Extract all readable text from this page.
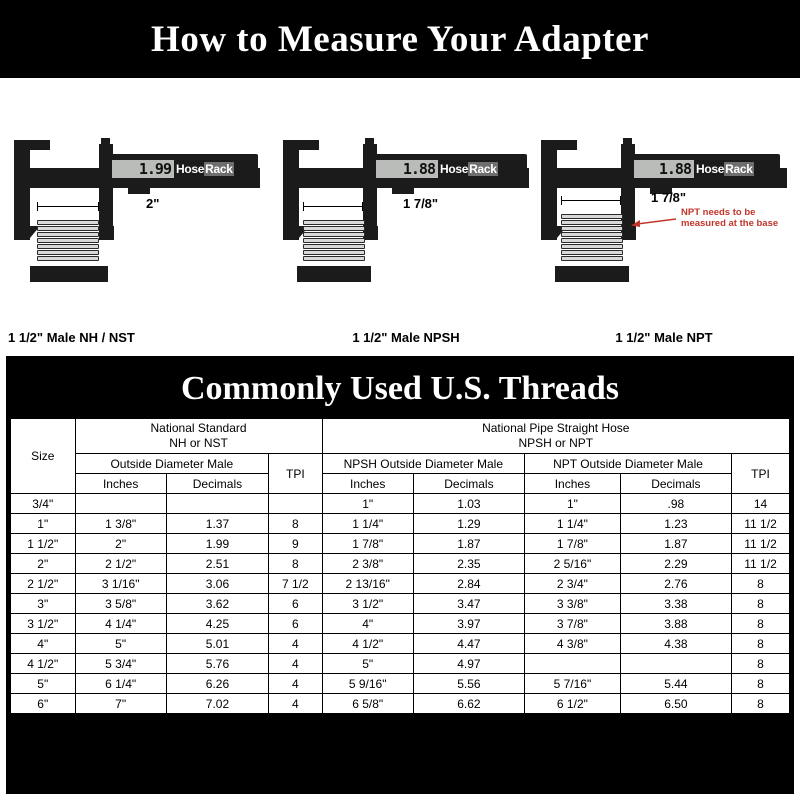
How to Measure Your Adapter
1.99 Hose Rack
2"
1 1/2" Male NH / NST
1.88 Hose Rack
1 7/8"
1 1/2" Male NPSH
1.88 Hose Rack
1 7/8"
NPT needs to be measured at the base
1 1/2" Male NPT
Commonly Used U.S. Threads
Size	
National Standard
NH or NST

National Pipe Straight Hose
NPSH or NPT

	Outside Diameter Male		TPI	NPSH Outside Diameter Male		NPT Outside Diameter Male		TPI
	Inches	Decimals		Inches	Decimals	Inches	Decimals	
3/4"				1"	1.03	1"	.98	14
1"	1 3/8"	1.37	8	1 1/4"	1.29	1 1/4"	1.23	11 1/2
1 1/2"	2"	1.99	9	1 7/8"	1.87	1 7/8"	1.87	11 1/2
2"	2 1/2"	2.51	8	2 3/8"	2.35	2 5/16"	2.29	11 1/2
2 1/2"	3 1/16"	3.06	7 1/2	2 13/16"	2.84	2 3/4"	2.76	8
3"	3 5/8"	3.62	6	3 1/2"	3.47	3 3/8"	3.38	8
3 1/2"	4 1/4"	4.25	6	4"	3.97	3 7/8"	3.88	8
4"	5"	5.01	4	4 1/2"	4.47	4 3/8"	4.38	8
4 1/2"	5 3/4"	5.76	4	5"	4.97			8
5"	6 1/4"	6.26	4	5 9/16"	5.56	5 7/16"	5.44	8
6"	7"	7.02	4	6 5/8"	6.62	6 1/2"	6.50	8
